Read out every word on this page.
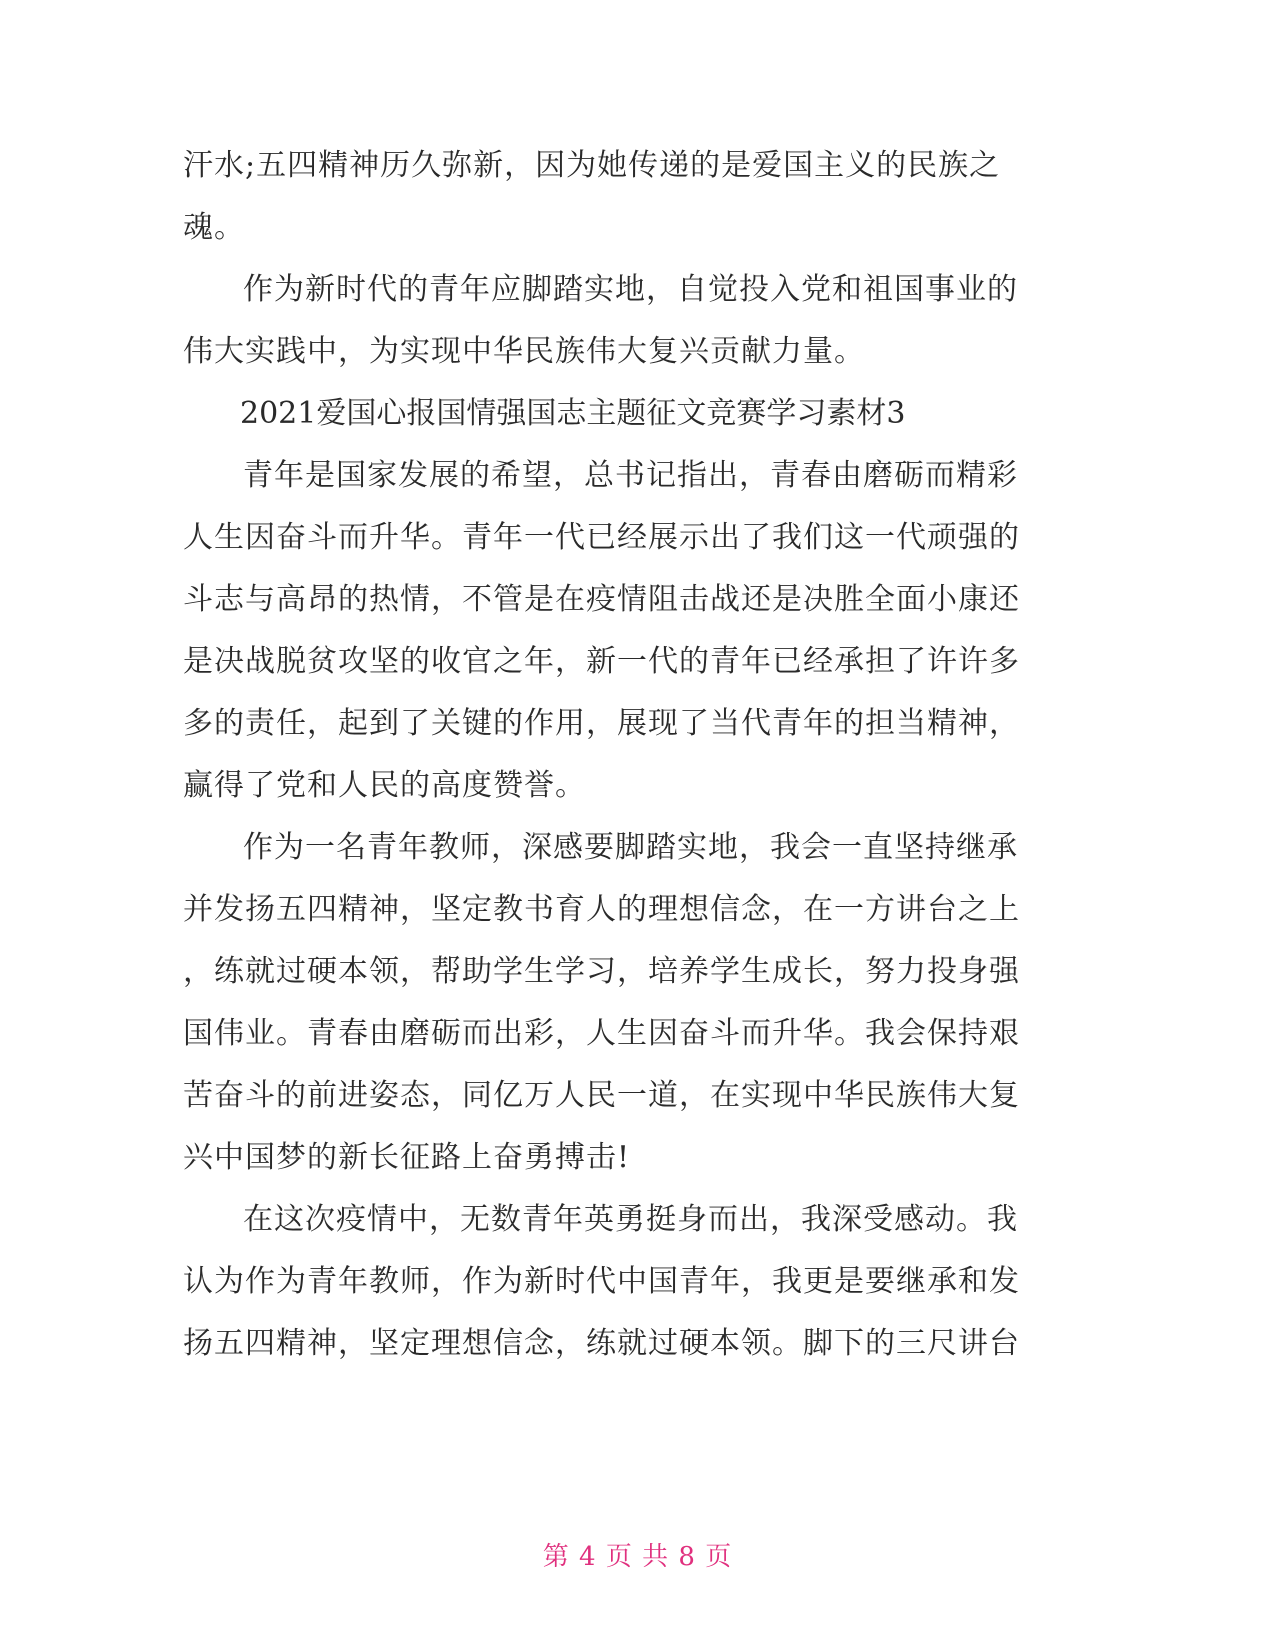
汗水;五四精神历久弥新，因为她传递的是爱国主义的民族之

魂。

作为新时代的青年应脚踏实地，自觉投入党和祖国事业的

伟大实践中，为实现中华民族伟大复兴贡献力量。

2021爱国心报国情强国志主题征文竞赛学习素材3

青年是国家发展的希望，总书记指出，青春由磨砺而精彩

人生因奋斗而升华。青年一代已经展示出了我们这一代顽强的

斗志与高昂的热情，不管是在疫情阻击战还是决胜全面小康还

是决战脱贫攻坚的收官之年，新一代的青年已经承担了许许多

多的责任，起到了关键的作用，展现了当代青年的担当精神，

赢得了党和人民的高度赞誉。

作为一名青年教师，深感要脚踏实地，我会一直坚持继承

并发扬五四精神，坚定教书育人的理想信念，在一方讲台之上

，练就过硬本领，帮助学生学习，培养学生成长，努力投身强

国伟业。青春由磨砺而出彩，人生因奋斗而升华。我会保持艰

苦奋斗的前进姿态，同亿万人民一道，在实现中华民族伟大复

兴中国梦的新长征路上奋勇搏击!

在这次疫情中，无数青年英勇挺身而出，我深受感动。我

认为作为青年教师，作为新时代中国青年，我更是要继承和发

扬五四精神，坚定理想信念，练就过硬本领。脚下的三尺讲台

第 4 页 共 8 页
